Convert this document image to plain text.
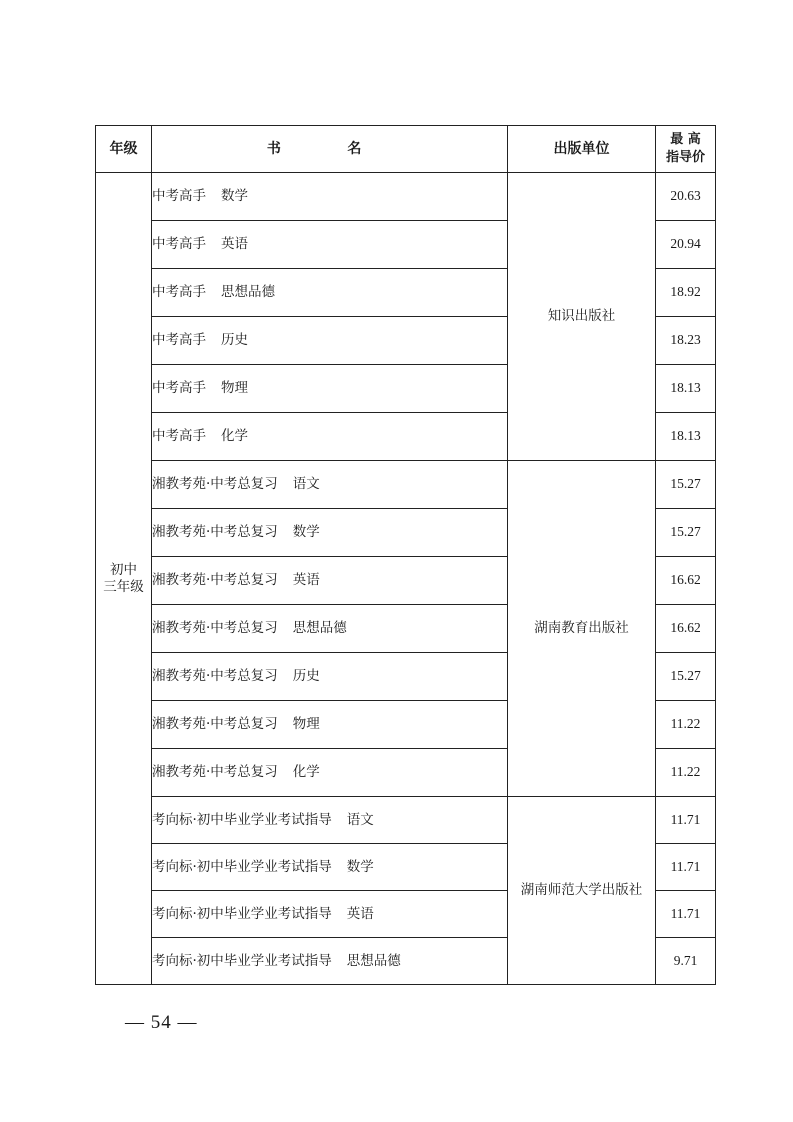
年级	书 名	出版单位	最 高
指导价

初中
三年级	中考高手 数学	知识出版社	20.63
	中考高手 英语		20.94
	中考高手 思想品德		18.92
	中考高手 历史		18.23
	中考高手 物理		18.13
	中考高手 化学		18.13
	湘教考苑·中考总复习 语文	湖南教育出版社	15.27
	湘教考苑·中考总复习 数学		15.27
	湘教考苑·中考总复习 英语		16.62
	湘教考苑·中考总复习 思想品德		16.62
	湘教考苑·中考总复习 历史		15.27
	湘教考苑·中考总复习 物理		11.22
	湘教考苑·中考总复习 化学		11.22
	考向标·初中毕业学业考试指导 语文	湖南师范大学出版社	11.71
	考向标·初中毕业学业考试指导 数学		11.71
	考向标·初中毕业学业考试指导 英语		11.71
	考向标·初中毕业学业考试指导 思想品德		9.71
— 54 —
